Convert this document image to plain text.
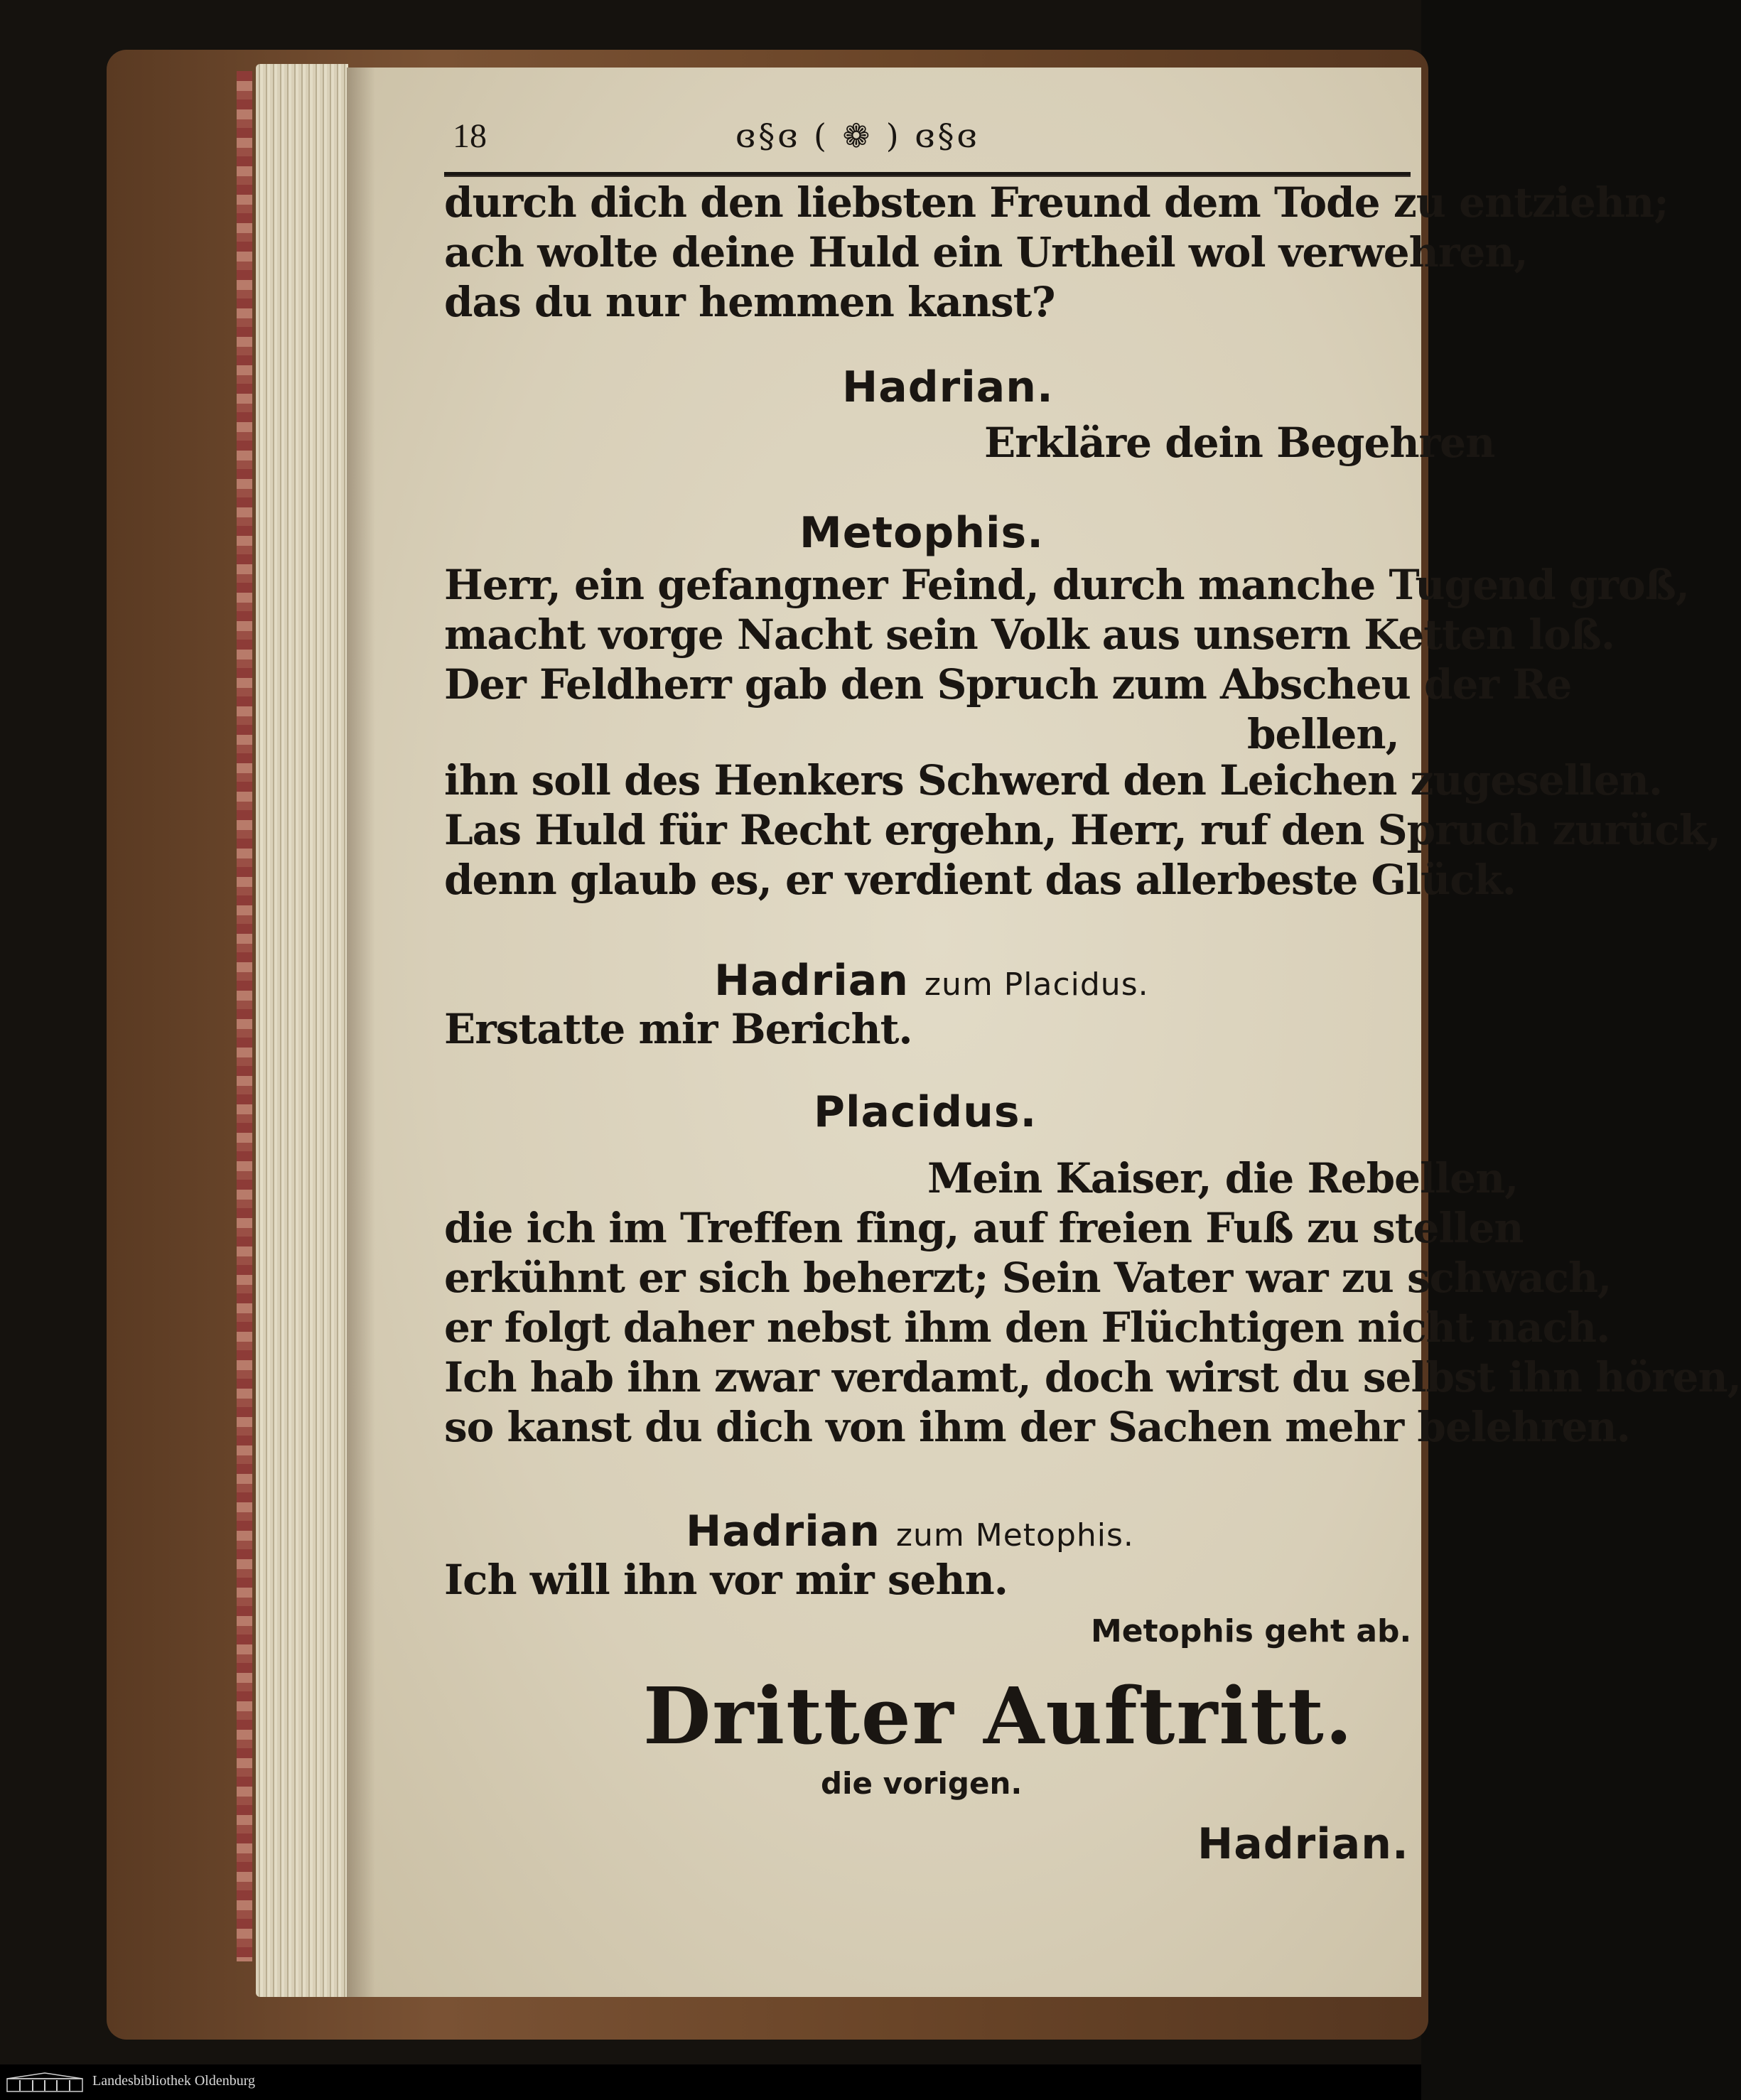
18	ɞ§ɞ ( ❁ ) ɞ§ɞ
durch dich den liebsten Freund dem Tode zu entziehn;
ach wolte deine Huld ein Urtheil wol verwehren,
das du nur hemmen kanst?
Hadrian.
Erkläre dein Begehren
Metophis.
Herr, ein gefangner Feind, durch manche Tugend groß,
macht vorge Nacht sein Volk aus unsern Ketten loß.
Der Feldherr gab den Spruch zum Abscheu der Re
bellen,
ihn soll des Henkers Schwerd den Leichen zugesellen.
Las Huld für Recht ergehn, Herr, ruf den Spruch zurück,
denn glaub es, er verdient das allerbeste Glück.
Hadrian zum Placidus.
Erstatte mir Bericht.
Placidus.
Mein Kaiser, die Rebellen,
die ich im Treffen fing, auf freien Fuß zu stellen
erkühnt er sich beherzt; Sein Vater war zu schwach,
er folgt daher nebst ihm den Flüchtigen nicht nach.
Ich hab ihn zwar verdamt, doch wirst du selbst ihn hören,
so kanst du dich von ihm der Sachen mehr belehren.
Hadrian zum Metophis.
Ich will ihn vor mir sehn.
Metophis geht ab.
Dritter Auftritt.
die vorigen.
Hadrian.
Landesbibliothek Oldenburg
